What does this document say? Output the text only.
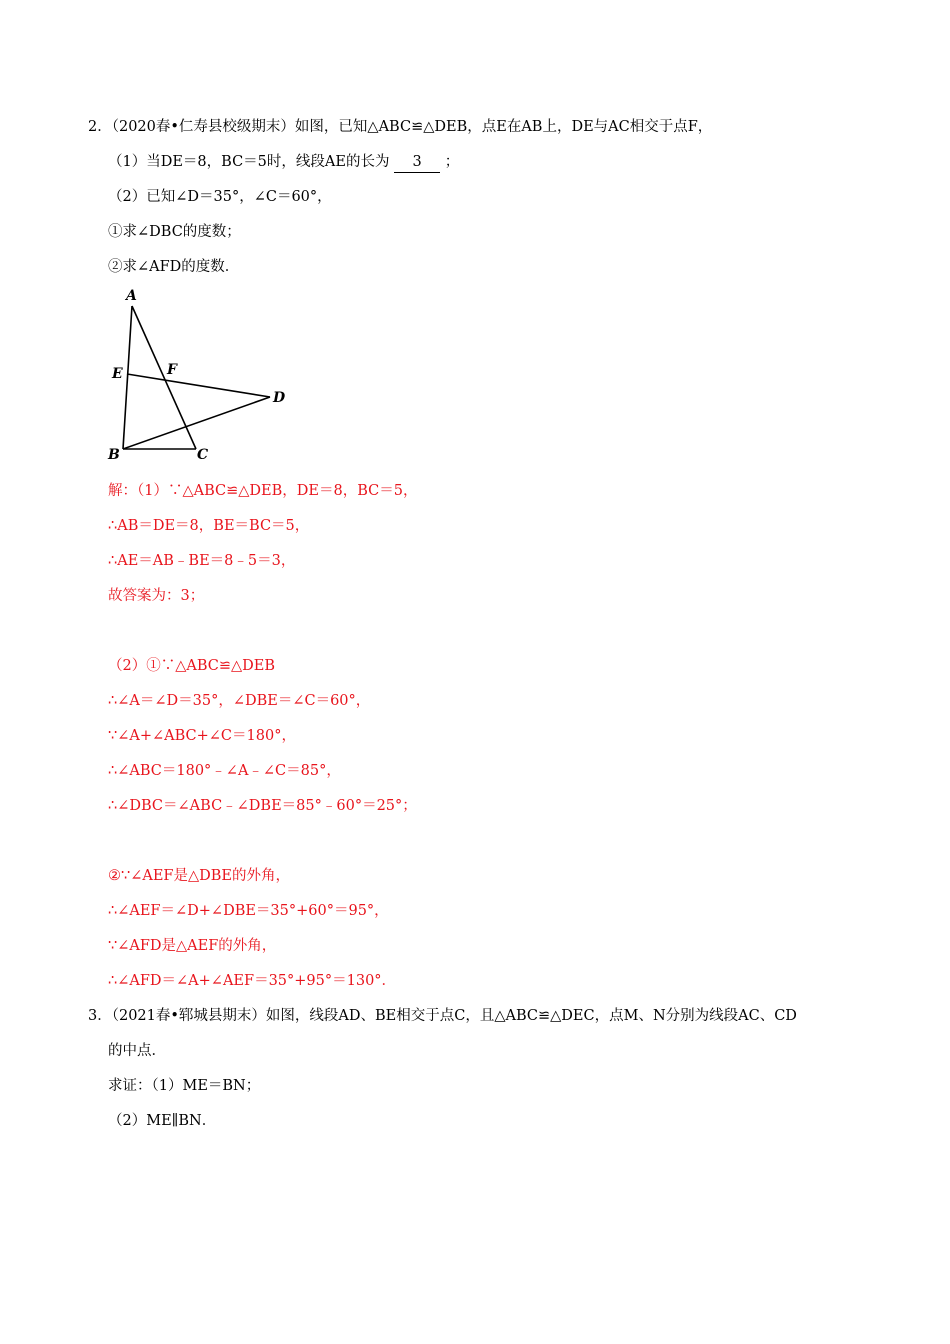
2．（2020春•仁寿县校级期末）如图，已知△ABC≌△DEB，点E在AB上，DE与AC相交于点F，
（1）当DE＝8，BC＝5时，线段AE的长为 3 ；
（2）已知∠D＝35°，∠C＝60°，
①求∠DBC的度数；
②求∠AFD的度数．
A
E	F
D
B	C
解：（1）∵△ABC≌△DEB，DE＝8，BC＝5，
∴AB＝DE＝8，BE＝BC＝5，
∴AE＝AB﹣BE＝8﹣5＝3，
故答案为：3；
（2）①∵△ABC≌△DEB
∴∠A＝∠D＝35°，∠DBE＝∠C＝60°，
∵∠A+∠ABC+∠C＝180°，
∴∠ABC＝180°﹣∠A﹣∠C＝85°，
∴∠DBC＝∠ABC﹣∠DBE＝85°﹣60°＝25°；
②∵∠AEF是△DBE的外角，
∴∠AEF＝∠D+∠DBE＝35°+60°＝95°，
∵∠AFD是△AEF的外角，
∴∠AFD＝∠A+∠AEF＝35°+95°＝130°．
3．（2021春•郓城县期末）如图，线段AD、BE相交于点C，且△ABC≌△DEC，点M、N分别为线段AC、CD
的中点．
求证：（1）ME＝BN；
（2）ME∥BN．
